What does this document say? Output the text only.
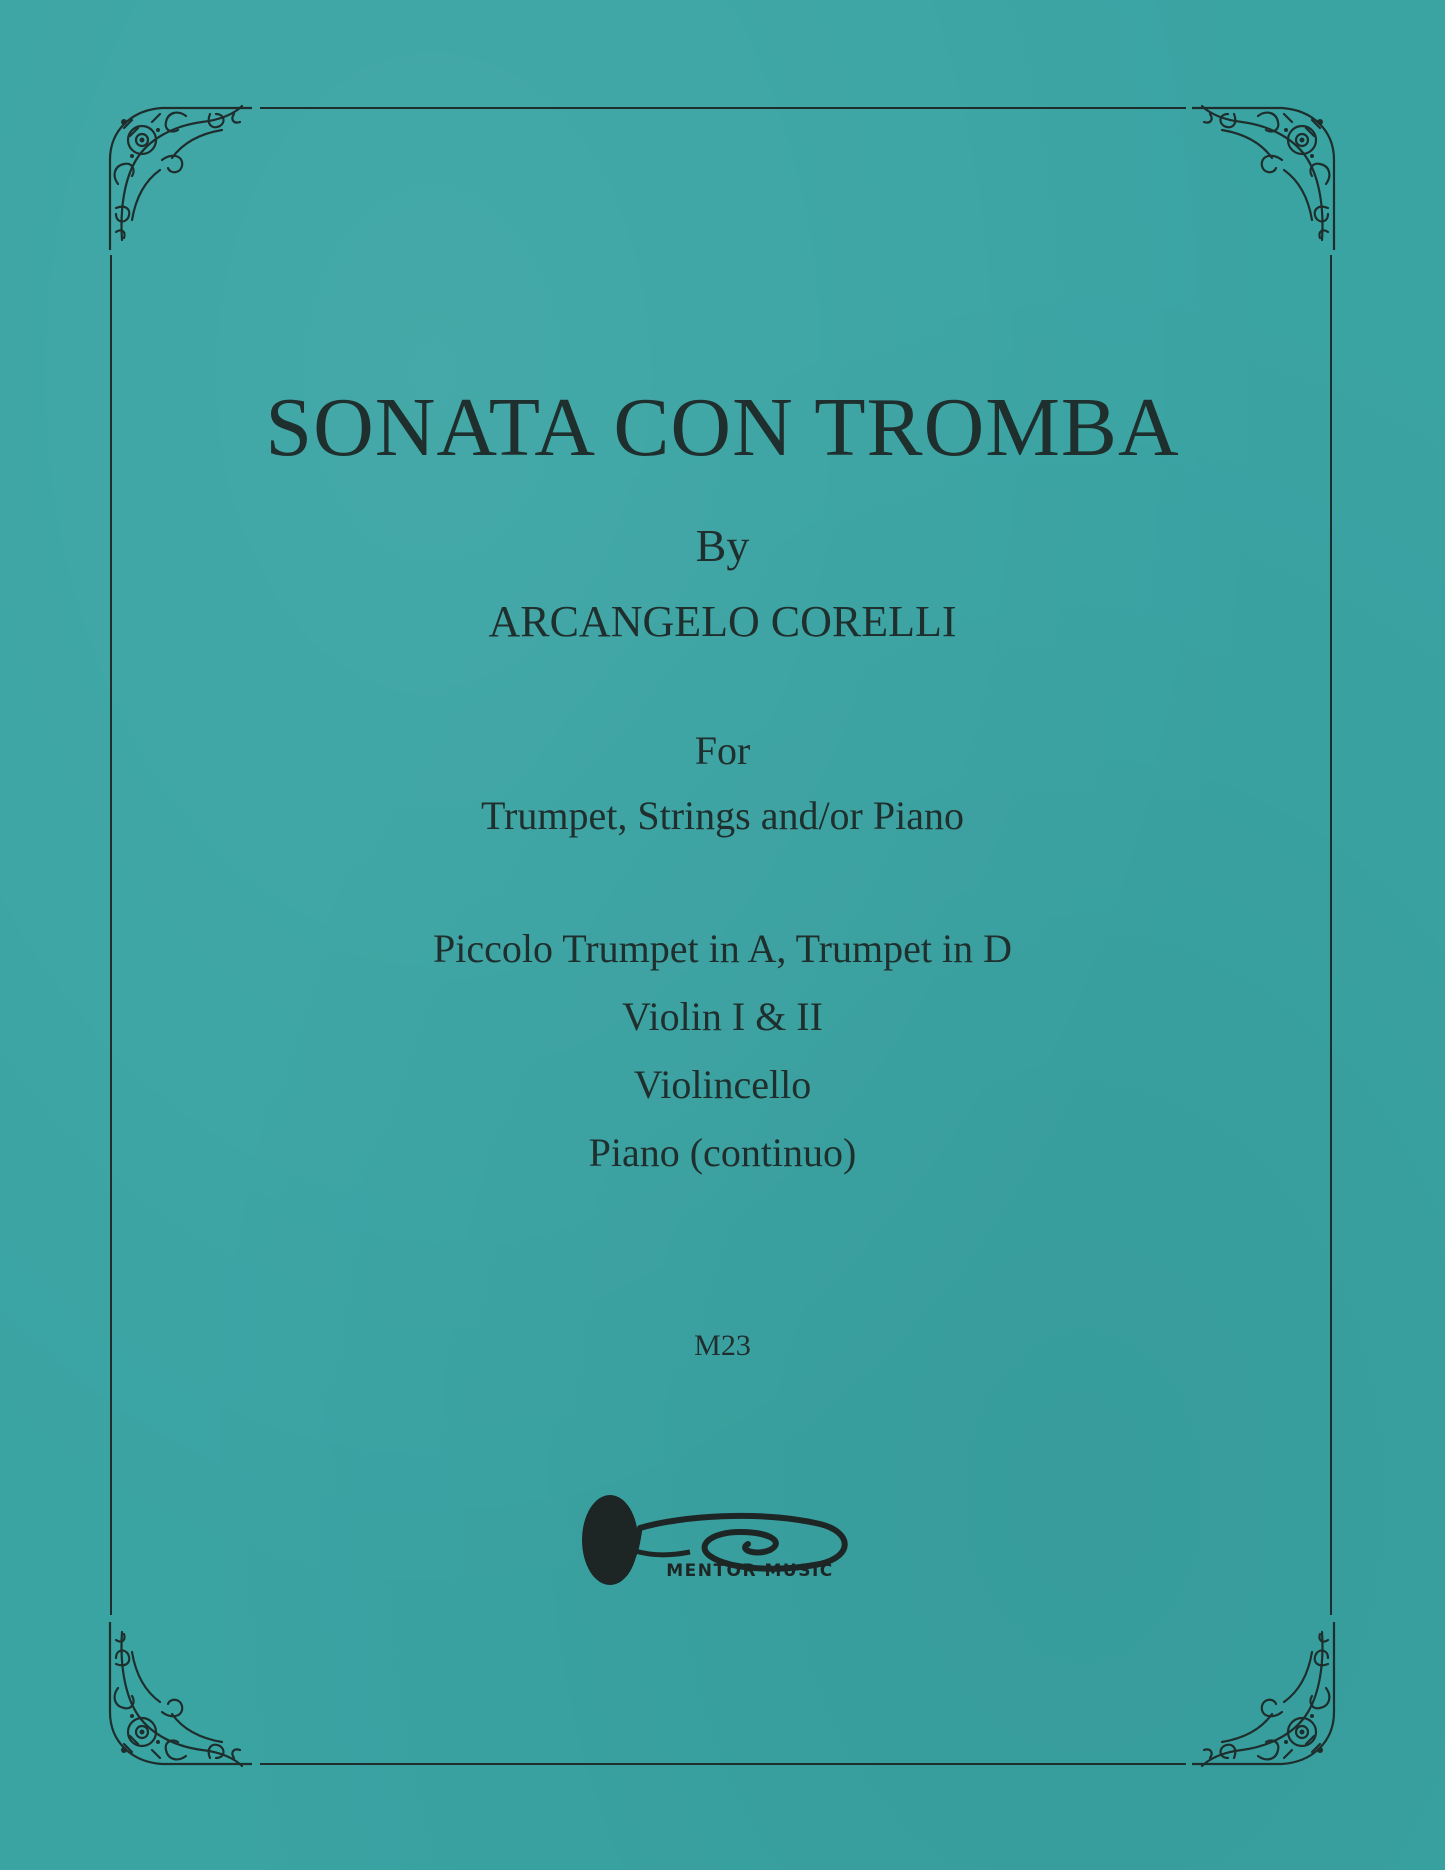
SONATA CON TROMBA
By
ARCANGELO CORELLI
For
Trumpet, Strings and/or Piano
Piccolo Trumpet in A, Trumpet in D
Violin I & II
Violincello
Piano (continuo)
M23
MENTOR MUSIC
